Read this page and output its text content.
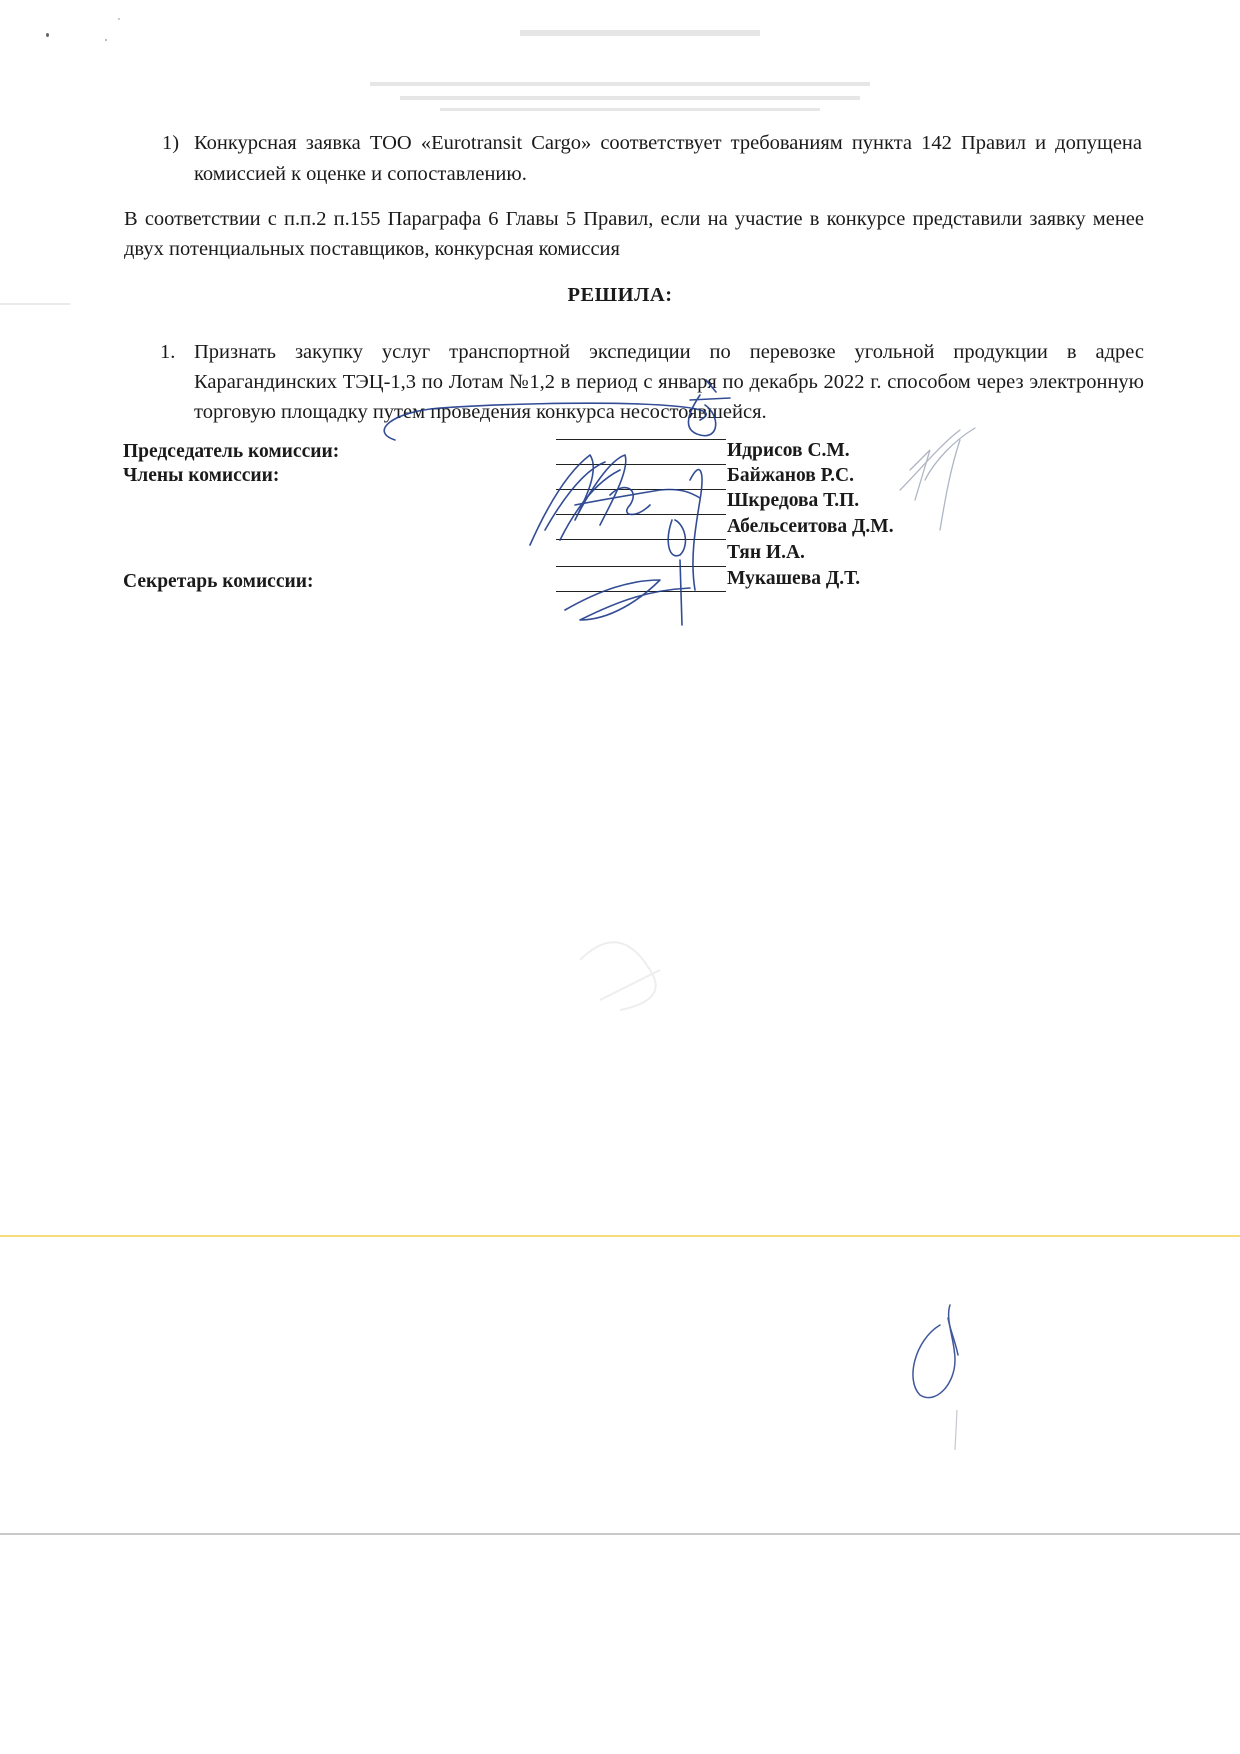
1) Конкурсная заявка ТОО «Eurotransit Cargo» соответствует требованиям пункта 142 Правил и допущена комиссией к оценке и сопоставлению.
В соответствии с п.п.2 п.155 Параграфа 6 Главы 5 Правил, если на участие в конкурсе представили заявку менее двух потенциальных поставщиков, конкурсная комиссия
РЕШИЛА:
1. Признать закупку услуг транспортной экспедиции по перевозке угольной продукции в адрес Карагандинских ТЭЦ-1,3 по Лотам №1,2 в период с января по декабрь 2022 г. способом через электронную торговую площадку путем проведения конкурса несостоявшейся.
Председатель комиссии:
Члены комиссии:
Секретарь комиссии:
Идрисов С.М.
Байжанов Р.С.
Шкредова Т.П.
Абельсеитова Д.М.
Тян И.А.
Мукашева Д.Т.
